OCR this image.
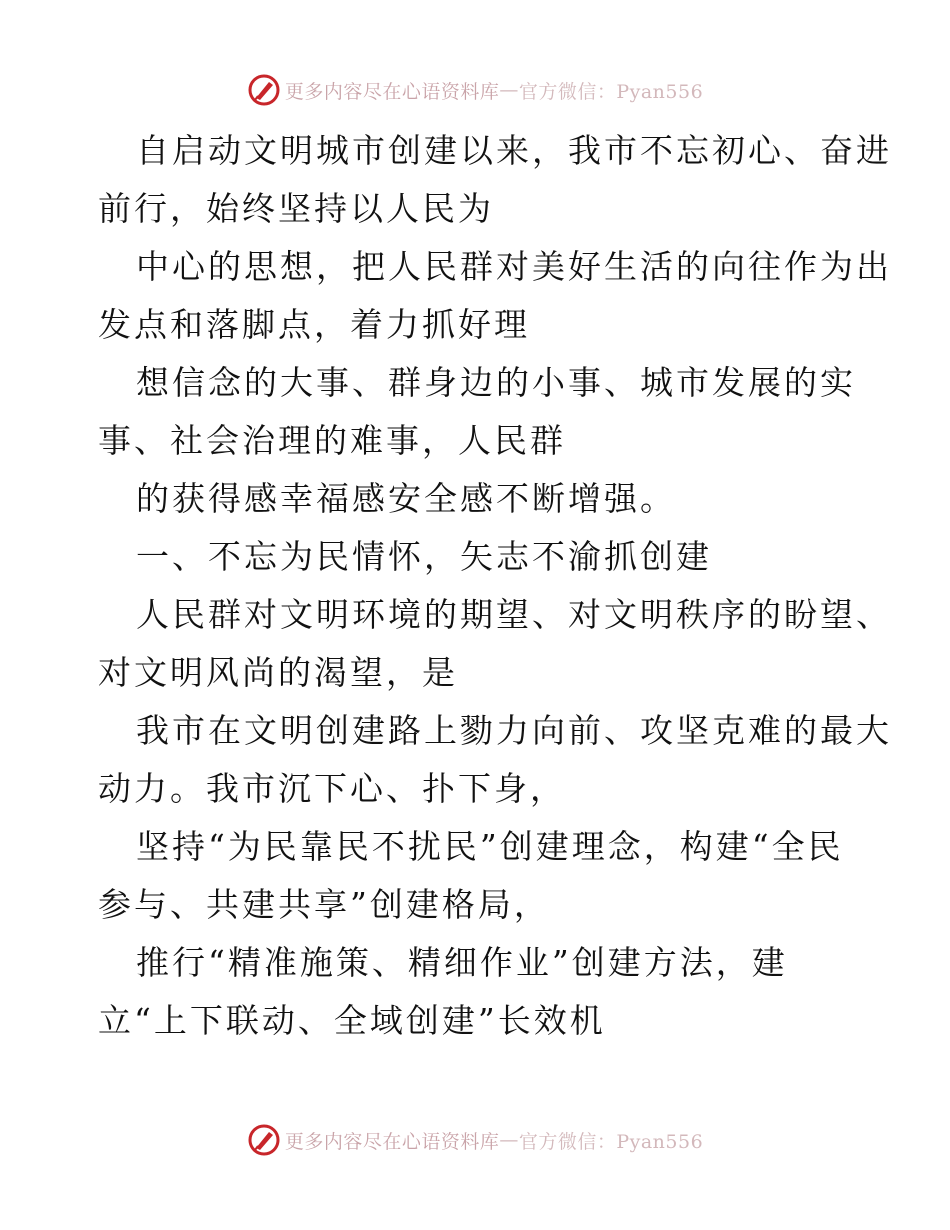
更多内容尽在心语资料库 — 官方微信：Pyan556
自启动文明城市创建以来，我市不忘初心、奋进
前行，始终坚持以人民为
中心的思想，把人民群对美好生活的向往作为出
发点和落脚点，着力抓好理
想信念的大事、群身边的小事、城市发展的实
事、社会治理的难事，人民群
的获得感幸福感安全感不断增强。
一、不忘为民情怀，矢志不渝抓创建
人民群对文明环境的期望、对文明秩序的盼望、
对文明风尚的渴望，是
我市在文明创建路上勠力向前、攻坚克难的最大
动力。我市沉下心、扑下身，
坚持“为民靠民不扰民”创建理念，构建“全民
参与、共建共享”创建格局，
推行“精准施策、精细作业”创建方法，建
立“上下联动、全域创建”长效机
更多内容尽在心语资料库 — 官方微信：Pyan556
